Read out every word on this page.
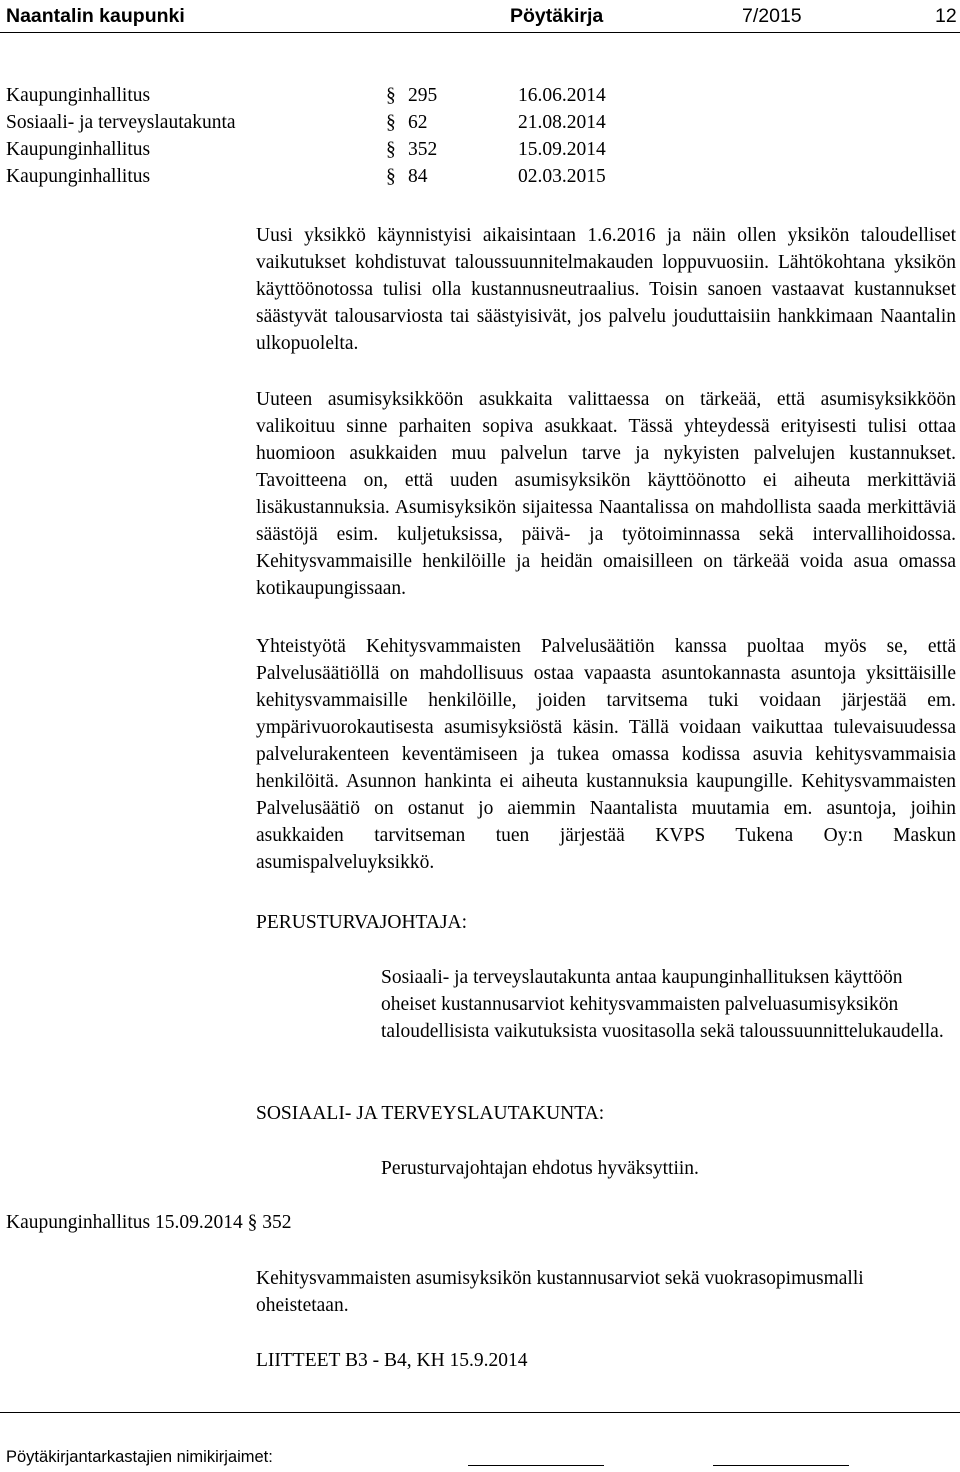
Naantalin kaupunki	Pöytäkirja	7/2015	12
Kaupunginhallitus	§ 295	16.06.2014
Sosiaali- ja terveyslautakunta	§ 62	21.08.2014
Kaupunginhallitus	§ 352	15.09.2014
Kaupunginhallitus	§ 84	02.03.2015

Uusi yksikkö käynnistyisi aikaisintaan 1.6.2016 ja näin ollen yksikön taloudelliset vaikutukset kohdistuvat taloussuunnitelmakauden loppuvuosiin. Lähtökohtana yksikön käyttöönotossa tulisi olla kustannusneutraalius. Toisin sanoen vastaavat kustannukset säästyvät talousarviosta tai säästyisivät, jos palvelu jouduttaisiin hankkimaan Naantalin ulkopuolelta.

Uuteen asumisyksikköön asukkaita valittaessa on tärkeää, että asumisyksikköön valikoituu sinne parhaiten sopiva asukkaat. Tässä yhteydessä erityisesti tulisi ottaa huomioon asukkaiden muu palvelun tarve ja nykyisten palvelujen kustannukset. Tavoitteena on, että uuden asumisyksikön käyttöönotto ei aiheuta merkittäviä lisäkustannuksia. Asumisyksikön sijaitessa Naantalissa on mahdollista saada merkittäviä säästöjä esim. kuljetuksissa, päivä- ja työtoiminnassa sekä intervallihoidossa. Kehitysvammaisille henkilöille ja heidän omaisilleen on tärkeää voida asua omassa kotikaupungissaan.

Yhteistyötä Kehitysvammaisten Palvelusäätiön kanssa puoltaa myös se, että Palvelusäätiöllä on mahdollisuus ostaa vapaasta asuntokannasta asuntoja yksittäisille kehitysvammaisille henkilöille, joiden tarvitsema tuki voidaan järjestää em. ympärivuorokautisesta asumisyksiöstä käsin. Tällä voidaan vaikuttaa tulevaisuudessa palvelurakenteen keventämiseen ja tukea omassa kodissa asuvia kehitysvammaisia henkilöitä. Asunnon hankinta ei aiheuta kustannuksia kaupungille. Kehitysvammaisten Palvelusäätiö on ostanut jo aiemmin Naantalista muutamia em. asuntoja, joihin asukkaiden tarvitseman tuen järjestää KVPS Tukena Oy:n Maskun asumispalveluyksikkö.

PERUSTURVAJOHTAJA:

Sosiaali- ja terveyslautakunta antaa kaupunginhallituksen käyttöön oheiset kustannusarviot kehitysvammaisten palveluasumisyksikön taloudellisista vaikutuksista vuositasolla sekä taloussuunnittelukaudella.

SOSIAALI- JA TERVEYSLAUTAKUNTA:

Perusturvajohtajan ehdotus hyväksyttiin.

Kaupunginhallitus 15.09.2014 § 352

Kehitysvammaisten asumisyksikön kustannusarviot sekä vuokrasopimusmalli oheistetaan.

LIITTEET B3 - B4, KH 15.9.2014
Pöytäkirjantarkastajien nimikirjaimet:
